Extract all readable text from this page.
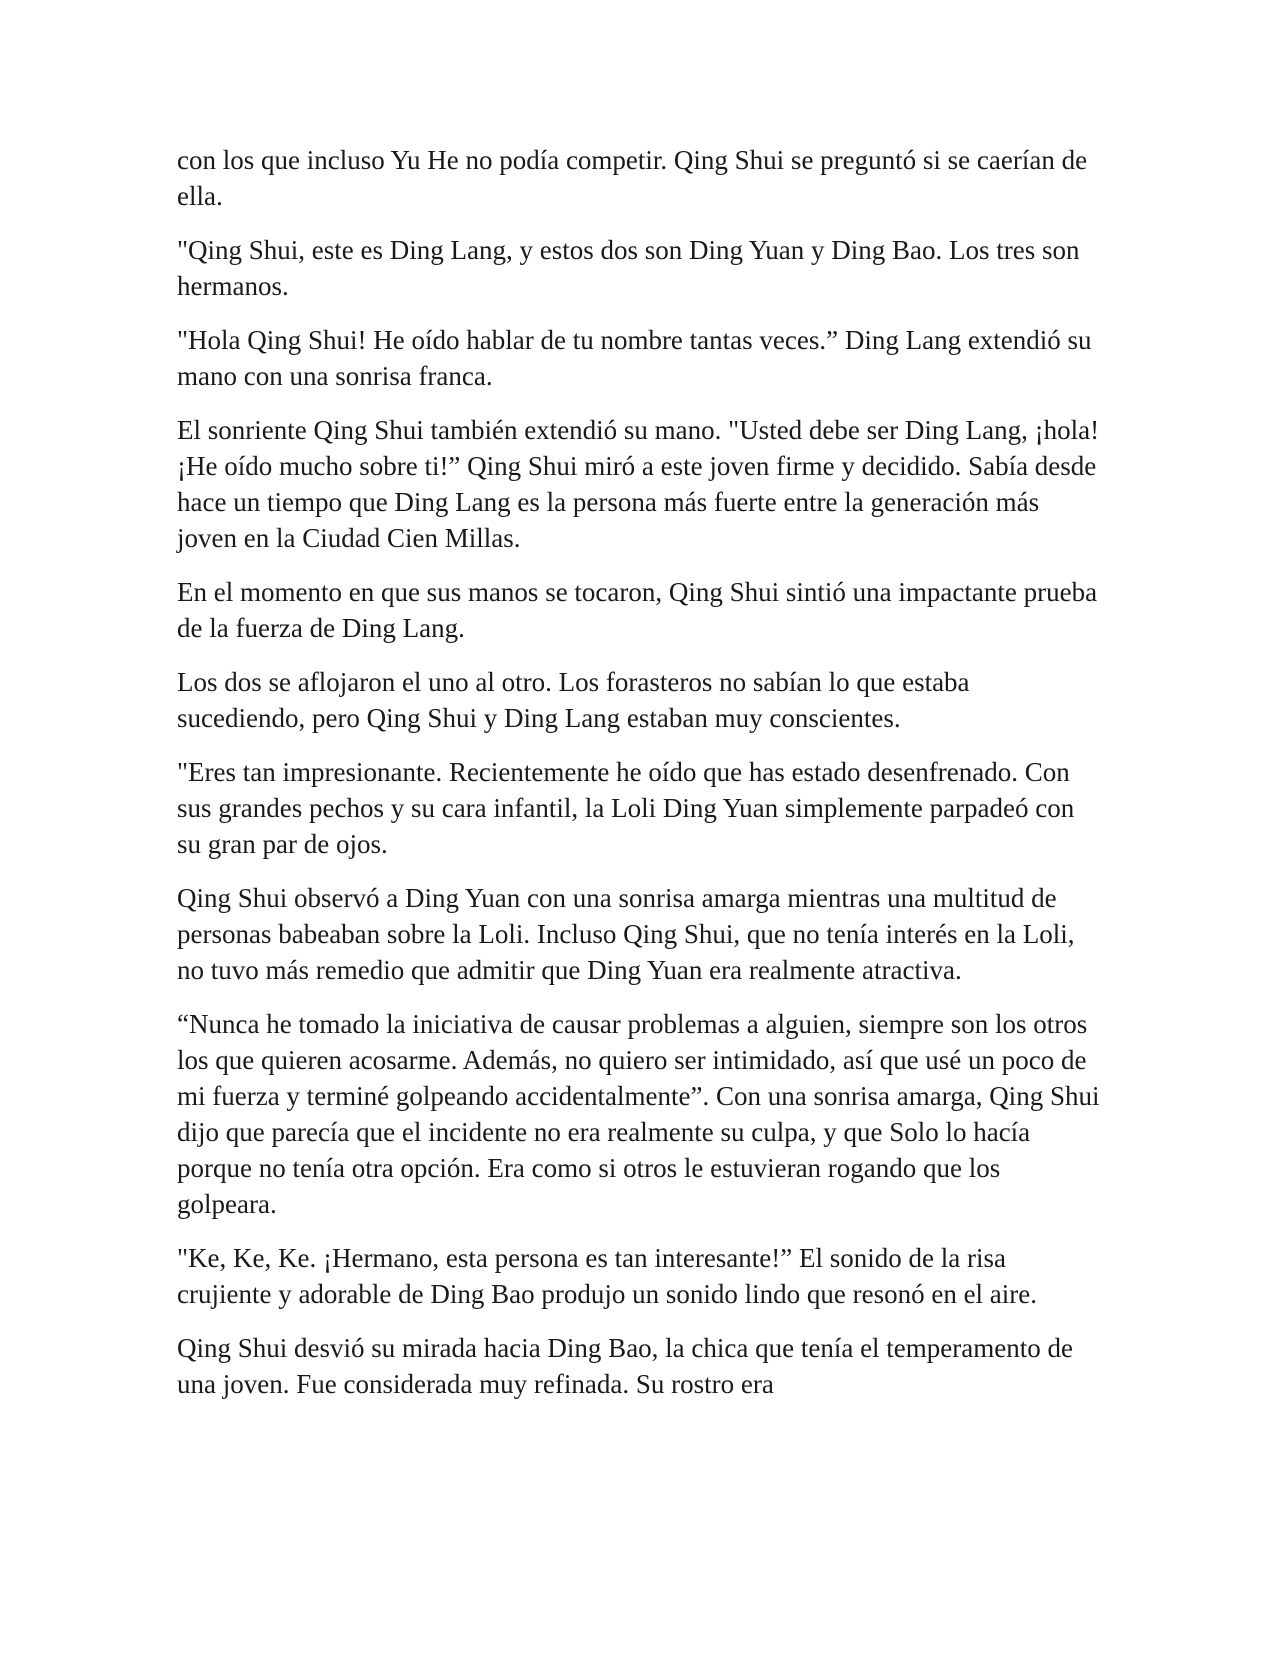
con los que incluso Yu He no podía competir. Qing Shui se preguntó si se caerían de ella.

"Qing Shui, este es Ding Lang, y estos dos son Ding Yuan y Ding Bao. Los tres son hermanos.

"Hola Qing Shui! He oído hablar de tu nombre tantas veces.” Ding Lang extendió su mano con una sonrisa franca.

El sonriente Qing Shui también extendió su mano. "Usted debe ser Ding Lang, ¡hola! ¡He oído mucho sobre ti!” Qing Shui miró a este joven firme y decidido. Sabía desde hace un tiempo que Ding Lang es la persona más fuerte entre la generación más joven en la Ciudad Cien Millas.

En el momento en que sus manos se tocaron, Qing Shui sintió una impactante prueba de la fuerza de Ding Lang.

Los dos se aflojaron el uno al otro. Los forasteros no sabían lo que estaba sucediendo, pero Qing Shui y Ding Lang estaban muy conscientes.

"Eres tan impresionante. Recientemente he oído que has estado desenfrenado. Con sus grandes pechos y su cara infantil, la Loli Ding Yuan simplemente parpadeó con su gran par de ojos.

Qing Shui observó a Ding Yuan con una sonrisa amarga mientras una multitud de personas babeaban sobre la Loli. Incluso Qing Shui, que no tenía interés en la Loli, no tuvo más remedio que admitir que Ding Yuan era realmente atractiva.

“Nunca he tomado la iniciativa de causar problemas a alguien, siempre son los otros los que quieren acosarme. Además, no quiero ser intimidado, así que usé un poco de mi fuerza y terminé golpeando accidentalmente”. Con una sonrisa amarga, Qing Shui dijo que parecía que el incidente no era realmente su culpa, y que Solo lo hacía porque no tenía otra opción. Era como si otros le estuvieran rogando que los golpeara.

"Ke, Ke, Ke. ¡Hermano, esta persona es tan interesante!” El sonido de la risa crujiente y adorable de Ding Bao produjo un sonido lindo que resonó en el aire.

Qing Shui desvió su mirada hacia Ding Bao, la chica que tenía el temperamento de una joven. Fue considerada muy refinada. Su rostro era
